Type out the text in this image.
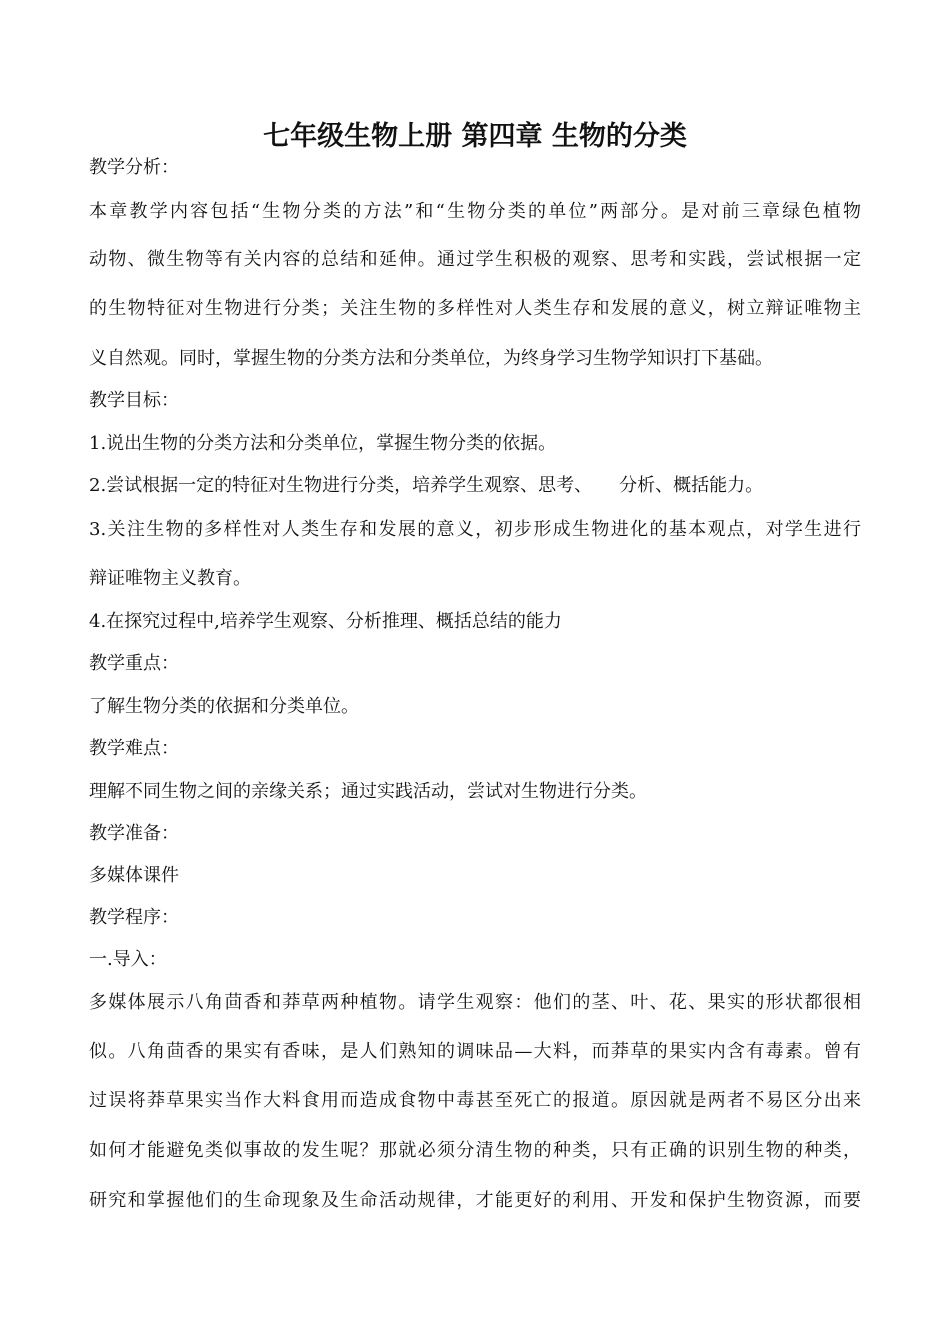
七年级生物上册 第四章 生物的分类
教学分析：
本章教学内容包括“生物分类的方法”和“生物分类的单位”两部分。是对前三章绿色植物
动物、微生物等有关内容的总结和延伸。通过学生积极的观察、思考和实践，尝试根据一定
的生物特征对生物进行分类；关注生物的多样性对人类生存和发展的意义，树立辩证唯物主
义自然观。同时，掌握生物的分类方法和分类单位，为终身学习生物学知识打下基础。
教学目标：
1.说出生物的分类方法和分类单位，掌握生物分类的依据。
2.尝试根据一定的特征对生物进行分类，培养学生观察、思考、　　分析、概括能力。
3.关注生物的多样性对人类生存和发展的意义，初步形成生物进化的基本观点，对学生进行
辩证唯物主义教育。
4.在探究过程中,培养学生观察、分析推理、概括总结的能力
教学重点：
了解生物分类的依据和分类单位。
教学难点：
理解不同生物之间的亲缘关系；通过实践活动，尝试对生物进行分类。
教学准备：
多媒体课件
教学程序：
一.导入：
多媒体展示八角茴香和莽草两种植物。请学生观察：他们的茎、叶、花、果实的形状都很相
似。八角茴香的果实有香味，是人们熟知的调味品—大料，而莽草的果实内含有毒素。曾有
过误将莽草果实当作大料食用而造成食物中毒甚至死亡的报道。原因就是两者不易区分出来
如何才能避免类似事故的发生呢？那就必须分清生物的种类，只有正确的识别生物的种类，
研究和掌握他们的生命现象及生命活动规律，才能更好的利用、开发和保护生物资源，而要
